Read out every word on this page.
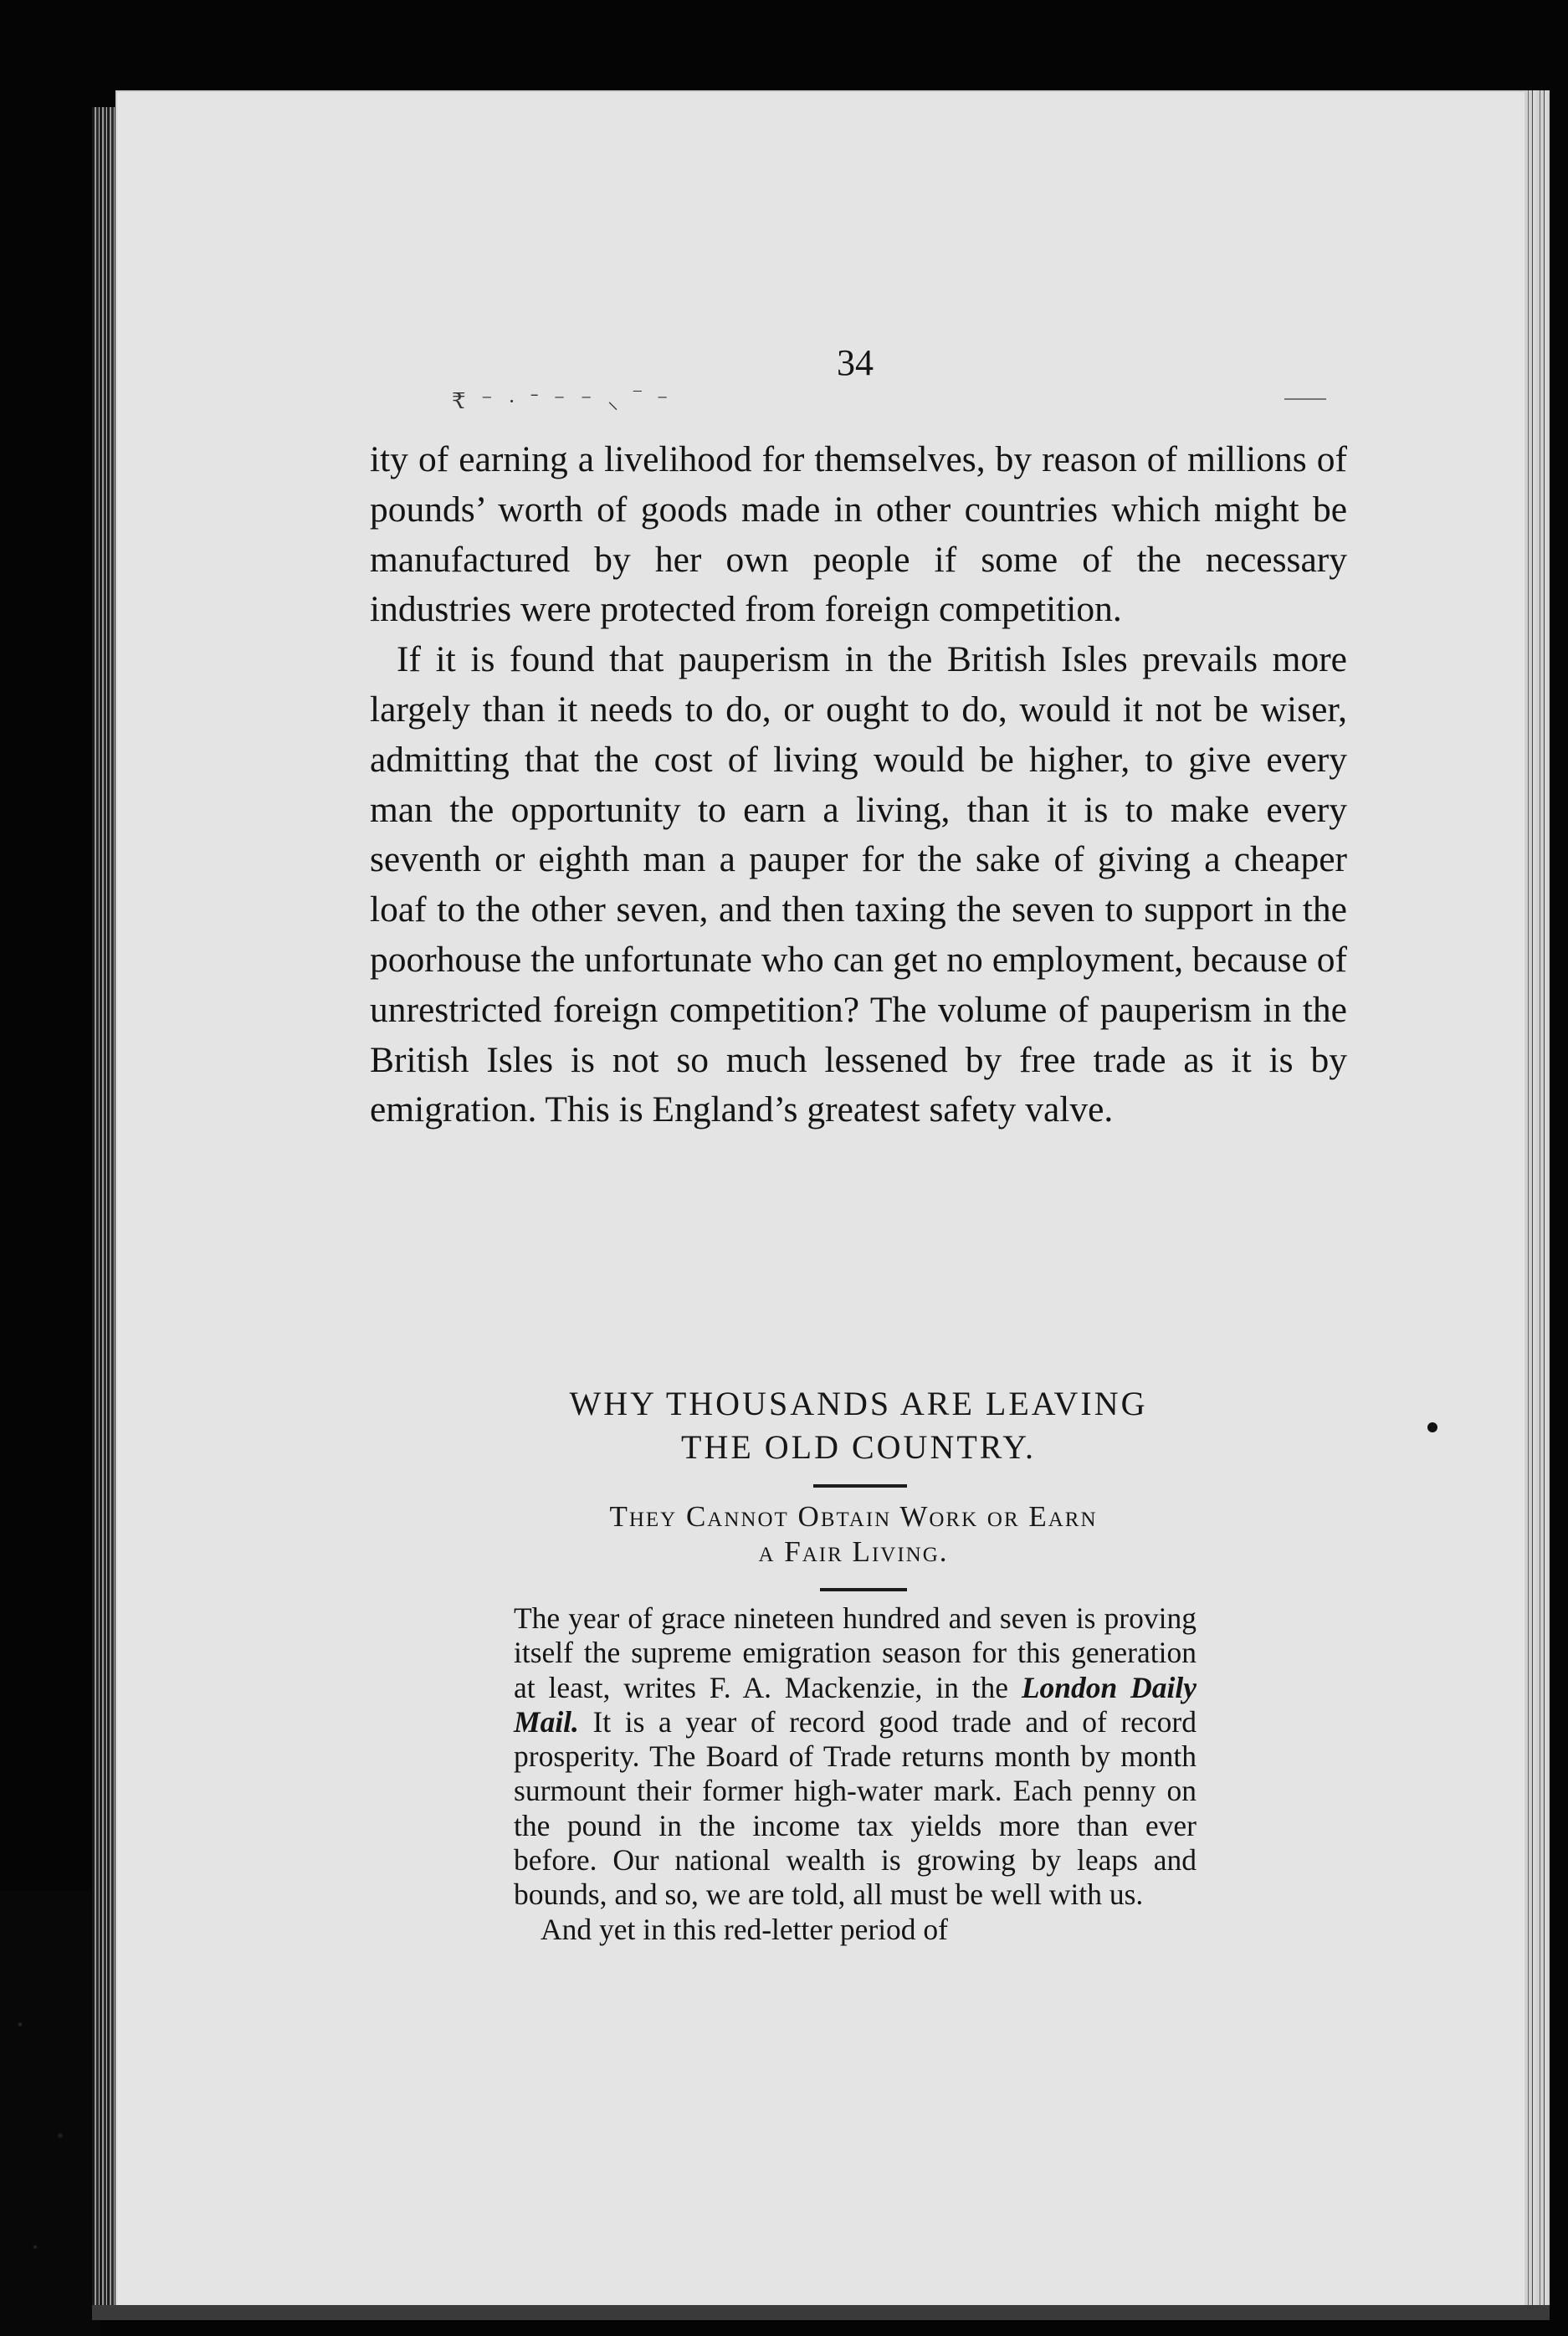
34
₹ ⁻ · ˉ ⁻ ⁻ ⸜ ‾ ⁻

ity of earning a livelihood for themselves, by reason of millions of pounds’ worth of goods made in other countries which might be manufactured by her own people if some of the necessary industries were protected from foreign competition.

If it is found that pauperism in the British Isles prevails more largely than it needs to do, or ought to do, would it not be wiser, admitting that the cost of living would be higher, to give every man the opportunity to earn a living, than it is to make every seventh or eighth man a pauper for the sake of giving a cheaper loaf to the other seven, and then taxing the seven to support in the poorhouse the unfortunate who can get no employment, because of unrestricted foreign competition? The volume of pauperism in the British Isles is not so much lessened by free trade as it is by emigration. This is England’s greatest safety valve.

WHY THOUSANDS ARE LEAVING
THE OLD COUNTRY.
They Cannot Obtain Work or Earn
a Fair Living.

The year of grace nineteen hundred and seven is proving itself the supreme emigration season for this generation at least, writes F. A. Mackenzie, in the London Daily Mail. It is a year of record good trade and of record prosperity. The Board of Trade returns month by month surmount their former high-water mark. Each penny on the pound in the income tax yields more than ever before. Our national wealth is growing by leaps and bounds, and so, we are told, all must be well with us.

And yet in this red-letter period of
